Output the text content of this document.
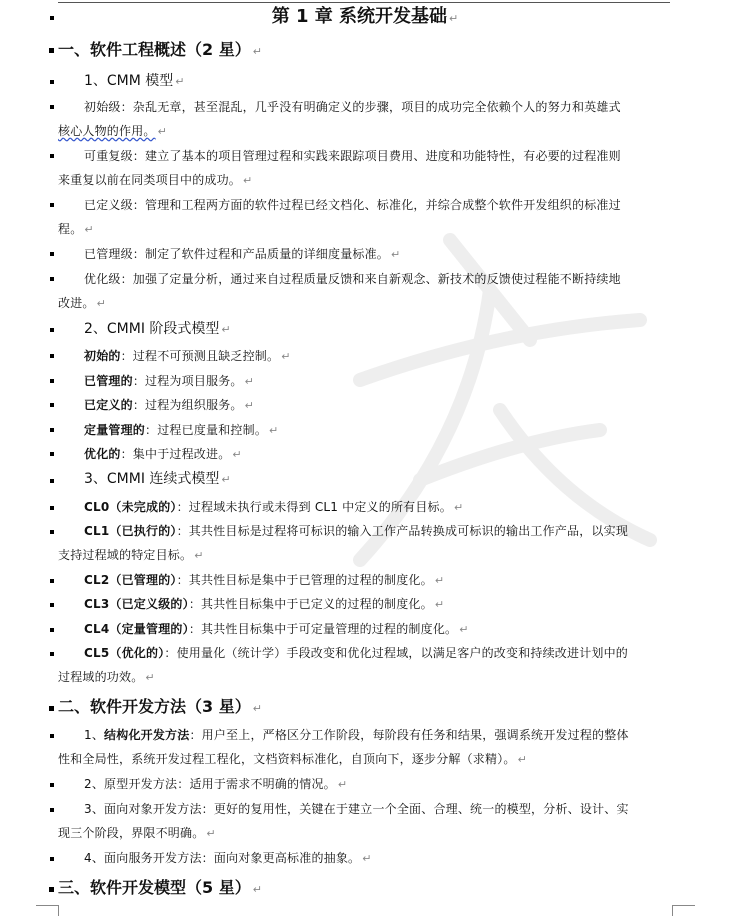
第 1 章 系统开发基础 ↵
一、软件工程概述（2 星） ↵
1、CMM 模型 ↵
初始级：杂乱无章，甚至混乱，几乎没有明确定义的步骤，项目的成功完全依赖个人的努力和英雄式
核心人物的作用。 ↵
可重复级：建立了基本的项目管理过程和实践来跟踪项目费用、进度和功能特性，有必要的过程准则
来重复以前在同类项目中的成功。 ↵
已定义级：管理和工程两方面的软件过程已经文档化、标准化，并综合成整个软件开发组织的标准过
程。 ↵
已管理级：制定了软件过程和产品质量的详细度量标准。 ↵
优化级：加强了定量分析，通过来自过程质量反馈和来自新观念、新技术的反馈使过程能不断持续地
改进。 ↵
2、CMMI 阶段式模型 ↵
初始的：过程不可预测且缺乏控制。 ↵
已管理的：过程为项目服务。 ↵
已定义的：过程为组织服务。 ↵
定量管理的：过程已度量和控制。 ↵
优化的：集中于过程改进。 ↵
3、CMMI 连续式模型 ↵
CL0（未完成的）：过程域未执行或未得到 CL1 中定义的所有目标。 ↵
CL1（已执行的）：其共性目标是过程将可标识的输入工作产品转换成可标识的输出工作产品，以实现
支持过程域的特定目标。 ↵
CL2（已管理的）：其共性目标是集中于已管理的过程的制度化。 ↵
CL3（已定义级的）：其共性目标集中于已定义的过程的制度化。 ↵
CL4（定量管理的）：其共性目标集中于可定量管理的过程的制度化。 ↵
CL5（优化的）：使用量化（统计学）手段改变和优化过程域，以满足客户的改变和持续改进计划中的
过程域的功效。 ↵
二、软件开发方法（3 星） ↵
1、结构化开发方法：用户至上，严格区分工作阶段，每阶段有任务和结果，强调系统开发过程的整体
性和全局性，系统开发过程工程化，文档资料标准化，自顶向下，逐步分解（求精）。 ↵
2、原型开发方法：适用于需求不明确的情况。 ↵
3、面向对象开发方法：更好的复用性，关键在于建立一个全面、合理、统一的模型，分析、设计、实
现三个阶段，界限不明确。 ↵
4、面向服务开发方法：面向对象更高标准的抽象。 ↵
三、软件开发模型（5 星） ↵
